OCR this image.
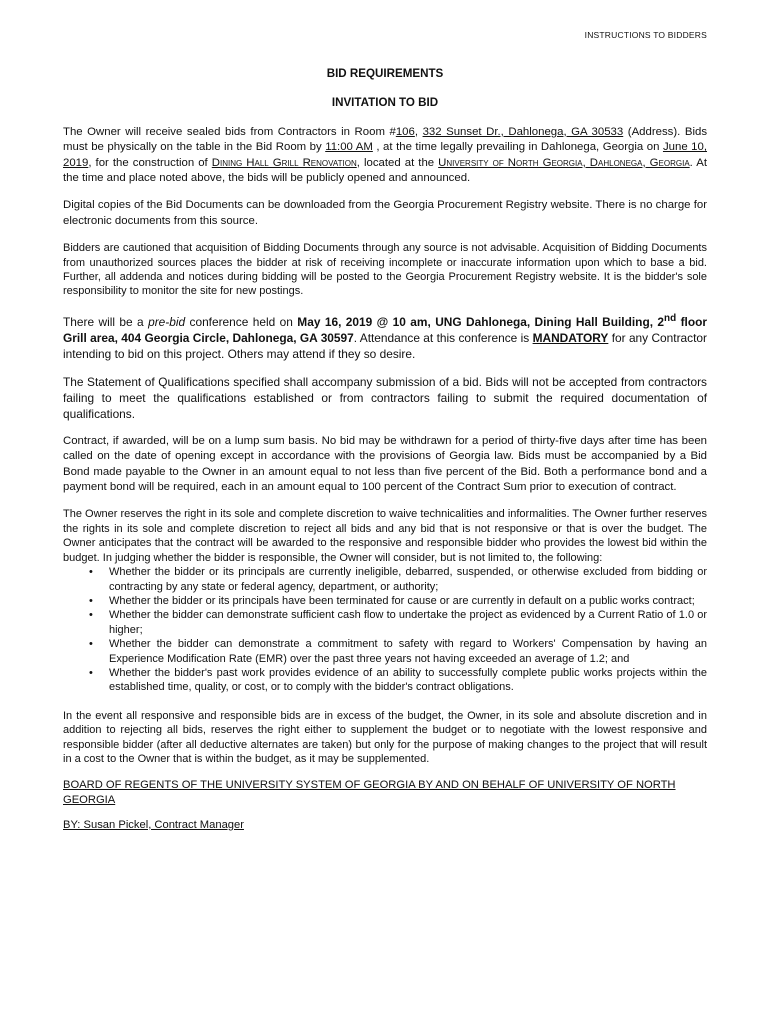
INSTRUCTIONS TO BIDDERS
BID REQUIREMENTS
INVITATION TO BID

The Owner will receive sealed bids from Contractors in Room #106, 332 Sunset Dr., Dahlonega, GA 30533 (Address). Bids must be physically on the table in the Bid Room by 11:00 AM , at the time legally prevailing in Dahlonega, Georgia on June 10, 2019, for the construction of Dining Hall Grill Renovation, located at the University of North Georgia, Dahlonega, Georgia. At the time and place noted above, the bids will be publicly opened and announced.

Digital copies of the Bid Documents can be downloaded from the Georgia Procurement Registry website. There is no charge for electronic documents from this source.

Bidders are cautioned that acquisition of Bidding Documents through any source is not advisable. Acquisition of Bidding Documents from unauthorized sources places the bidder at risk of receiving incomplete or inaccurate information upon which to base a bid. Further, all addenda and notices during bidding will be posted to the Georgia Procurement Registry website. It is the bidder's sole responsibility to monitor the site for new postings.

There will be a pre-bid conference held on May 16, 2019 @ 10 am, UNG Dahlonega, Dining Hall Building, 2nd floor Grill area, 404 Georgia Circle, Dahlonega, GA 30597. Attendance at this conference is MANDATORY for any Contractor intending to bid on this project. Others may attend if they so desire.

The Statement of Qualifications specified shall accompany submission of a bid. Bids will not be accepted from contractors failing to meet the qualifications established or from contractors failing to submit the required documentation of qualifications.

Contract, if awarded, will be on a lump sum basis. No bid may be withdrawn for a period of thirty-five days after time has been called on the date of opening except in accordance with the provisions of Georgia law. Bids must be accompanied by a Bid Bond made payable to the Owner in an amount equal to not less than five percent of the Bid. Both a performance bond and a payment bond will be required, each in an amount equal to 100 percent of the Contract Sum prior to execution of contract.

The Owner reserves the right in its sole and complete discretion to waive technicalities and informalities. The Owner further reserves the rights in its sole and complete discretion to reject all bids and any bid that is not responsive or that is over the budget. The Owner anticipates that the contract will be awarded to the responsive and responsible bidder who provides the lowest bid within the budget. In judging whether the bidder is responsible, the Owner will consider, but is not limited to, the following:

• Whether the bidder or its principals are currently ineligible, debarred, suspended, or otherwise excluded from bidding or contracting by any state or federal agency, department, or authority;
• Whether the bidder or its principals have been terminated for cause or are currently in default on a public works contract;
• Whether the bidder can demonstrate sufficient cash flow to undertake the project as evidenced by a Current Ratio of 1.0 or higher;
• Whether the bidder can demonstrate a commitment to safety with regard to Workers' Compensation by having an Experience Modification Rate (EMR) over the past three years not having exceeded an average of 1.2; and
• Whether the bidder's past work provides evidence of an ability to successfully complete public works projects within the established time, quality, or cost, or to comply with the bidder's contract obligations.

In the event all responsive and responsible bids are in excess of the budget, the Owner, in its sole and absolute discretion and in addition to rejecting all bids, reserves the right either to supplement the budget or to negotiate with the lowest responsive and responsible bidder (after all deductive alternates are taken) but only for the purpose of making changes to the project that will result in a cost to the Owner that is within the budget, as it may be supplemented.

BOARD OF REGENTS OF THE UNIVERSITY SYSTEM OF GEORGIA BY AND ON BEHALF OF UNIVERSITY OF NORTH GEORGIA
BY: Susan Pickel, Contract Manager
